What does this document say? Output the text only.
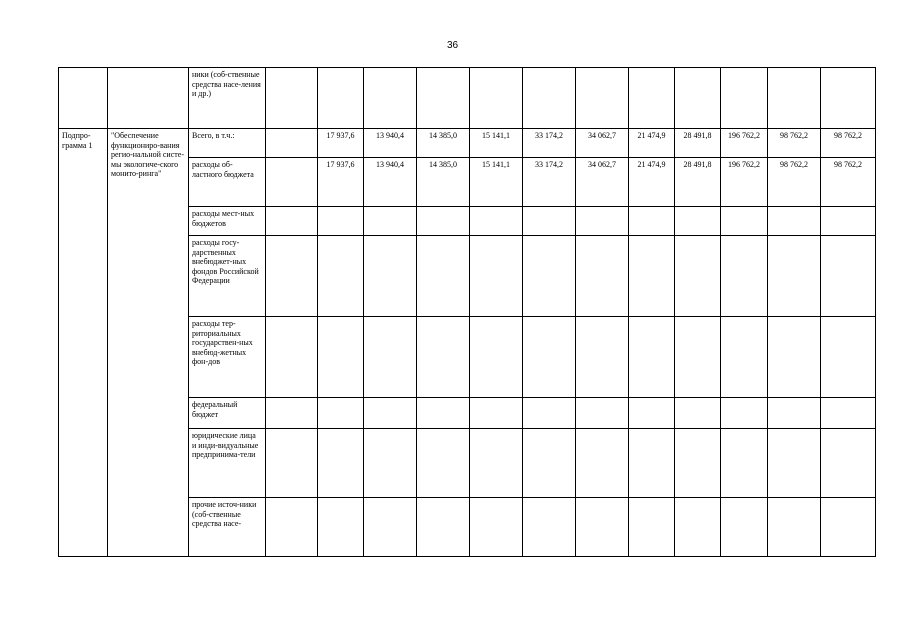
36
		ники (соб-ственные средства насе-ления и др.)												
Подпро-грамма 1	"Обеспечение функциониро-вания регио-нальной систе-мы экологиче-ского монито-ринга"	Всего, в т.ч.:		17 937,6	13 940,4	14 385,0	15 141,1	33 174,2	34 062,7	21 474,9	28 491,8	196 762,2	98 762,2	98 762,2
		расходы об-ластного бюджета		17 937,6	13 940,4	14 385,0	15 141,1	33 174,2	34 062,7	21 474,9	28 491,8	196 762,2	98 762,2	98 762,2
		расходы мест-ных бюджетов												
		расходы госу-дарственных внебюджет-ных фондов Российской Федерации												
		расходы тер-риториальных государствен-ных внебюд-жетных фон-дов												
		федеральный бюджет												
		юридические лица и инди-видуальные предпринима-тели												
		прочие источ-ники (соб-ственные средства насе-												
